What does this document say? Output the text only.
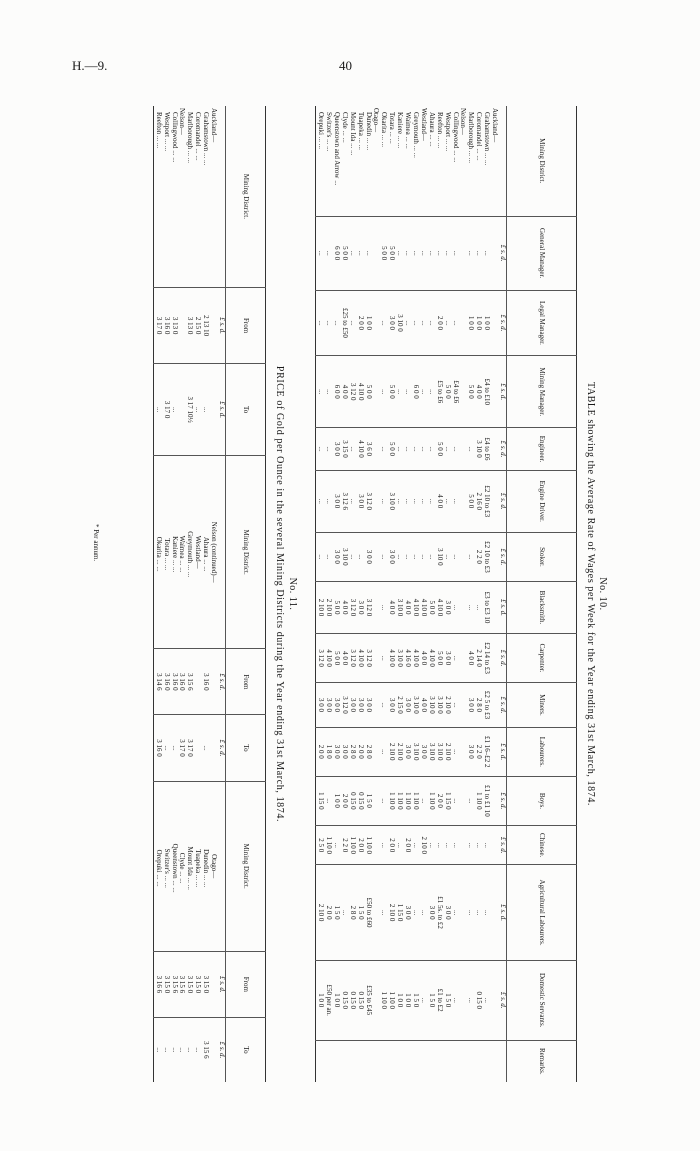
H.—9.	40
No. 10.
TABLE showing the Average Rate of Wages per Week for the Year ending 31st March, 1874.
Mining District.	General Manager.	Legal Manager.	Mining Manager.	Engineer.	Engine Driver.	Stoker.	Blacksmith.	Carpenter.	Miners.	Labourers.	Boys.	Chinese.	Agricultural Labourers.	Domestic Servants.	Remarks.
	£ s. d.	£ s. d.	£ s. d.	£ s. d.	£ s. d.	£ s. d.	£ s. d.	£ s. d.	£ s. d.	£ s. d.	£ s. d.	£ s. d.	£ s. d.	£ s. d.	
Auckland—															
Grahamstown ... ...	...	1 0 0	£4 to £10	£4 to £6	£2 10 to £3	£2 10 to £3	£3 to £3 10	£2 14 to £3	£2 5 to £3	£1 16–£2 2	£1 to £1 10	...	...	...	
Coromandel ... ...	...	1 0 0	4 0 0	3 10 0	2 16 0	2 2 0	...	2 14 0	2 8 0	2 2 0	1 10 0	...	...	0 15 0	
Marlborough ... ...	...	1 0 0	5 0 0	...	5 0 0	...	...	4 0 0	3 0 0	3 0 0	...	...	...	...	
Nelson—															
Collingwood ... ...	...	...	£4 to £6	...	...	...	...	...	...	...	...	...	...	...	
Westport ... ...	...	...	5 0 0	...	...	...	3 0 0	3 0 0	2 10 0	2 10 0	1 15 0	...	3 0 0	1 5 0	
Reefton ... ...	...	2 0 0	£5 to £6	5 0 0	4 0 0	3 10 0	4 10 0	5 0 0	3 10 0	3 10 0	2 0 0	...	£1 5s. to £2	£1 to £2	
Ahaura ... ...	...	...	...	...	...	...	5 0 0	4 10 0	3 10 0	3 10 0	1 10 0	...	3 0 0	1 5 0	
Westland—	...	...	...	...	...	...	4 10 0	4 0 0	4 0 0	3 0 0	...	2 10 0	...	...	
Greymouth ... ...	...	...	6 0 0	...	...	...	4 10 0	4 10 0	3 10 0	3 10 0	1 10 0	...	...	1 5 0	
Waimea ... ...	...	...	...	...	...	...	4 0 0	4 16 0	3 0 0	3 0 0	1 10 0	2 0 0	3 0 0	1 0 0	
Kaniere ... ...	...	3 10 0	...	...	...	...	3 10 0	3 10 0	2 15 0	2 10 0	1 10 0	...	1 15 0	1 0 0	
Totara ... ...	5 0 0	3 0 0	5 0 0	5 0 0	3 10 0	3 0 0	4 0 0	4 10 0	3 0 0	2 10 0	1 10 0	2 0 0	2 10 0	1 10 0	
Okarita ... ...	5 0 0	...	...	...	...	...	...	...	...	...	...	...	...	1 10 0	
Otago—															
Dunedin ... ...	...	1 0 0	5 0 0	3 6 0	3 12 0	3 0 0	3 12 0	3 12 0	3 0 0	2 8 0	1 5 0	1 10 0	£50 to £60	£35 to £45	
Tuapeka ... ...	...	2 0 0	4 10 0	4 10 0	3 0 0	...	3 0 0	4 10 0	3 0 0	2 0 0	0 15 0	2 0 0	1 5 0	0 15 0	
Mount Ida ... ...	...	...	3 12 0	...	...	...	3 12 0	3 12 0	3 0 0	2 8 0	0 15 0	1 10 0	2 8 0	0 15 0	
Clyde ... ...	5 0 0	£25 to £50	4 0 0	3 15 0	3 12 6	3 10 0	4 0 0	4 0 0	3 12 0	3 0 0	2 0 0	2 2 0	...	0 15 0	
Queenstown and Arrow ...	6 0 0	...	6 0 0	3 0 0	3 0 0	3 0 0	5 0 0	5 0 0	3 0 0	3 0 0	1 0 0	...	1 5 0	1 0 0	
Switzer's ... ...	...	...	...	...	...	...	2 10 0	4 10 0	3 0 0	1 8 0	...	1 10 0	2 0 0	£50 per an.	
Orepuki ... ...	...	...	...	...	...	...	2 10 0	3 12 0	3 0 0	2 0 0	1 15 0	2 5 0	2 10 0	1 0 0	
No. 11.
PRICE of Gold per Ounce in the several Mining Districts during the Year ending 31st March, 1874.
Mining District.	From	To	Mining District.	From	To	Mining District.	From	To
	£ s. d.	£ s. d.		£ s. d.	£ s. d.		£ s. d.	£ s. d.
Auckland—			Nelson (continued)—			Otago—		
Grahamstown ... ...	2 13 10	...	Ahaura ... ...	3 16 0	...	Dunedin ... ...	3 15 0	3 15 6
Coromandel ... ...	2 15 0	...	Westland—			Tuapeka ... ...	3 15 0	...
Marlborough ... ...	3 13 0	3 17 10½	Greymouth ... ...	3 15 6	3 17 0	Mount Ida ... ...	3 15 0	...
Nelson—			Waimea ... ...	3 16 0	3 17 0	Clyde ... ...	3 15 6	...
Collingwood ... ...	3 13 0	...	Kaniere ... ...	3 16 0	...	Queenstown ... ...	3 15 6	...
Westport ... ...	3 16 0	3 17 0	Totara ... ...	3 16 0	...	Switzer's ... ...	3 15 0	...
Reefton ... ...	3 17 0	...	Okarita ... ...	3 14 6	3 16 0	Orepuki ... ...	3 16 6	...
* Per annum.
